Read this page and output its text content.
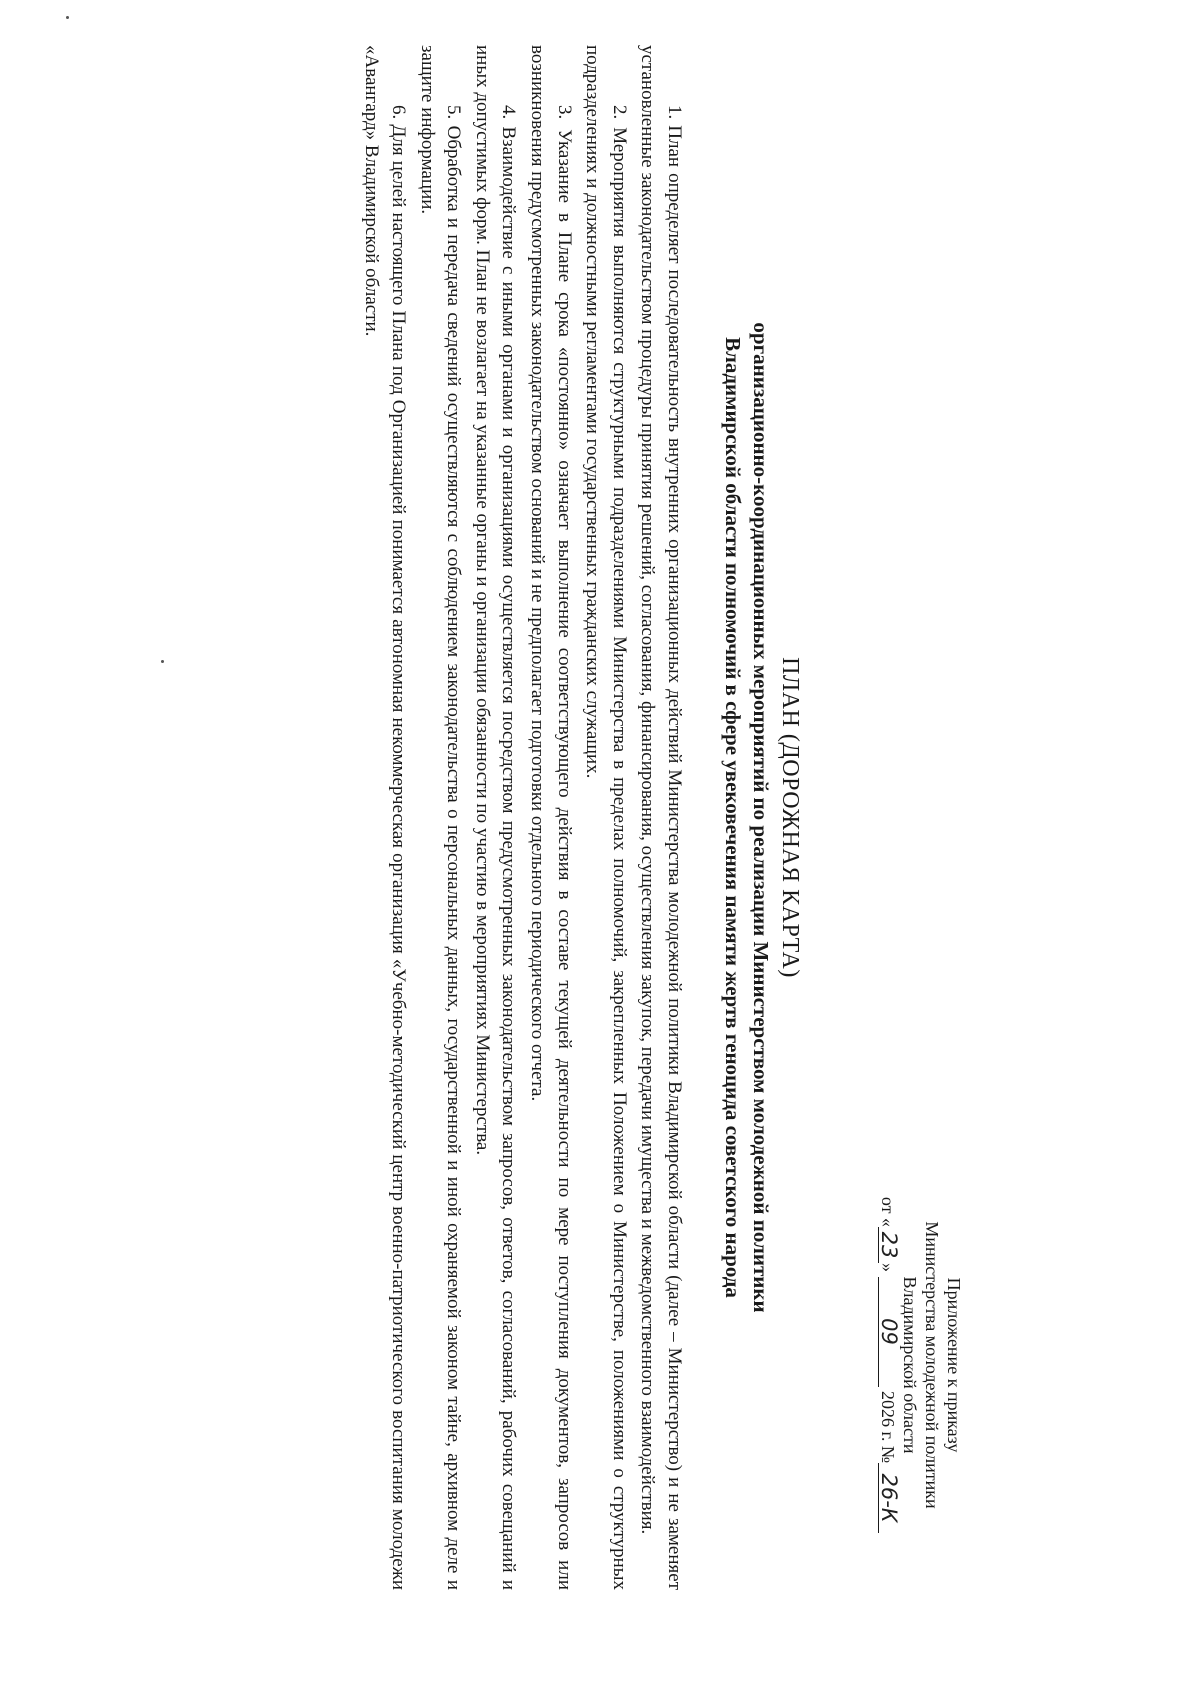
Приложение к приказу
Министерства молодежной политики
Владимирской области
от «23» 09 2026 г. №26-К
ПЛАН (ДОРОЖНАЯ КАРТА)
организационно-координационных мероприятий по реализации Министерством молодежной политики
Владимирской области полномочий в сфере увековечения памяти жертв геноцида советского народа

1. План определяет последовательность внутренних организационных действий Министерства молодежной политики Владимирской области (далее – Министерство) и не заменяет установленные законодательством процедуры принятия решений, согласования, финансирования, осуществления закупок, передачи имущества и межведомственного взаимодействия.

2. Мероприятия выполняются структурными подразделениями Министерства в пределах полномочий, закрепленных Положением о Министерстве, положениями о структурных подразделениях и должностными регламентами государственных гражданских служащих.

3. Указание в Плане срока «постоянно» означает выполнение соответствующего действия в составе текущей деятельности по мере поступления документов, запросов или возникновения предусмотренных законодательством оснований и не предполагает подготовки отдельного периодического отчета.

4. Взаимодействие с иными органами и организациями осуществляется посредством предусмотренных законодательством запросов, ответов, согласований, рабочих совещаний и иных допустимых форм. План не возлагает на указанные органы и организации обязанности по участию в мероприятиях Министерства.

5. Обработка и передача сведений осуществляются с соблюдением законодательства о персональных данных, государственной и иной охраняемой законом тайне, архивном деле и защите информации.

6. Для целей настоящего Плана под Организацией понимается автономная некоммерческая организация «Учебно-методический центр военно-патриотического воспитания молодежи «Авангард» Владимирской области.
